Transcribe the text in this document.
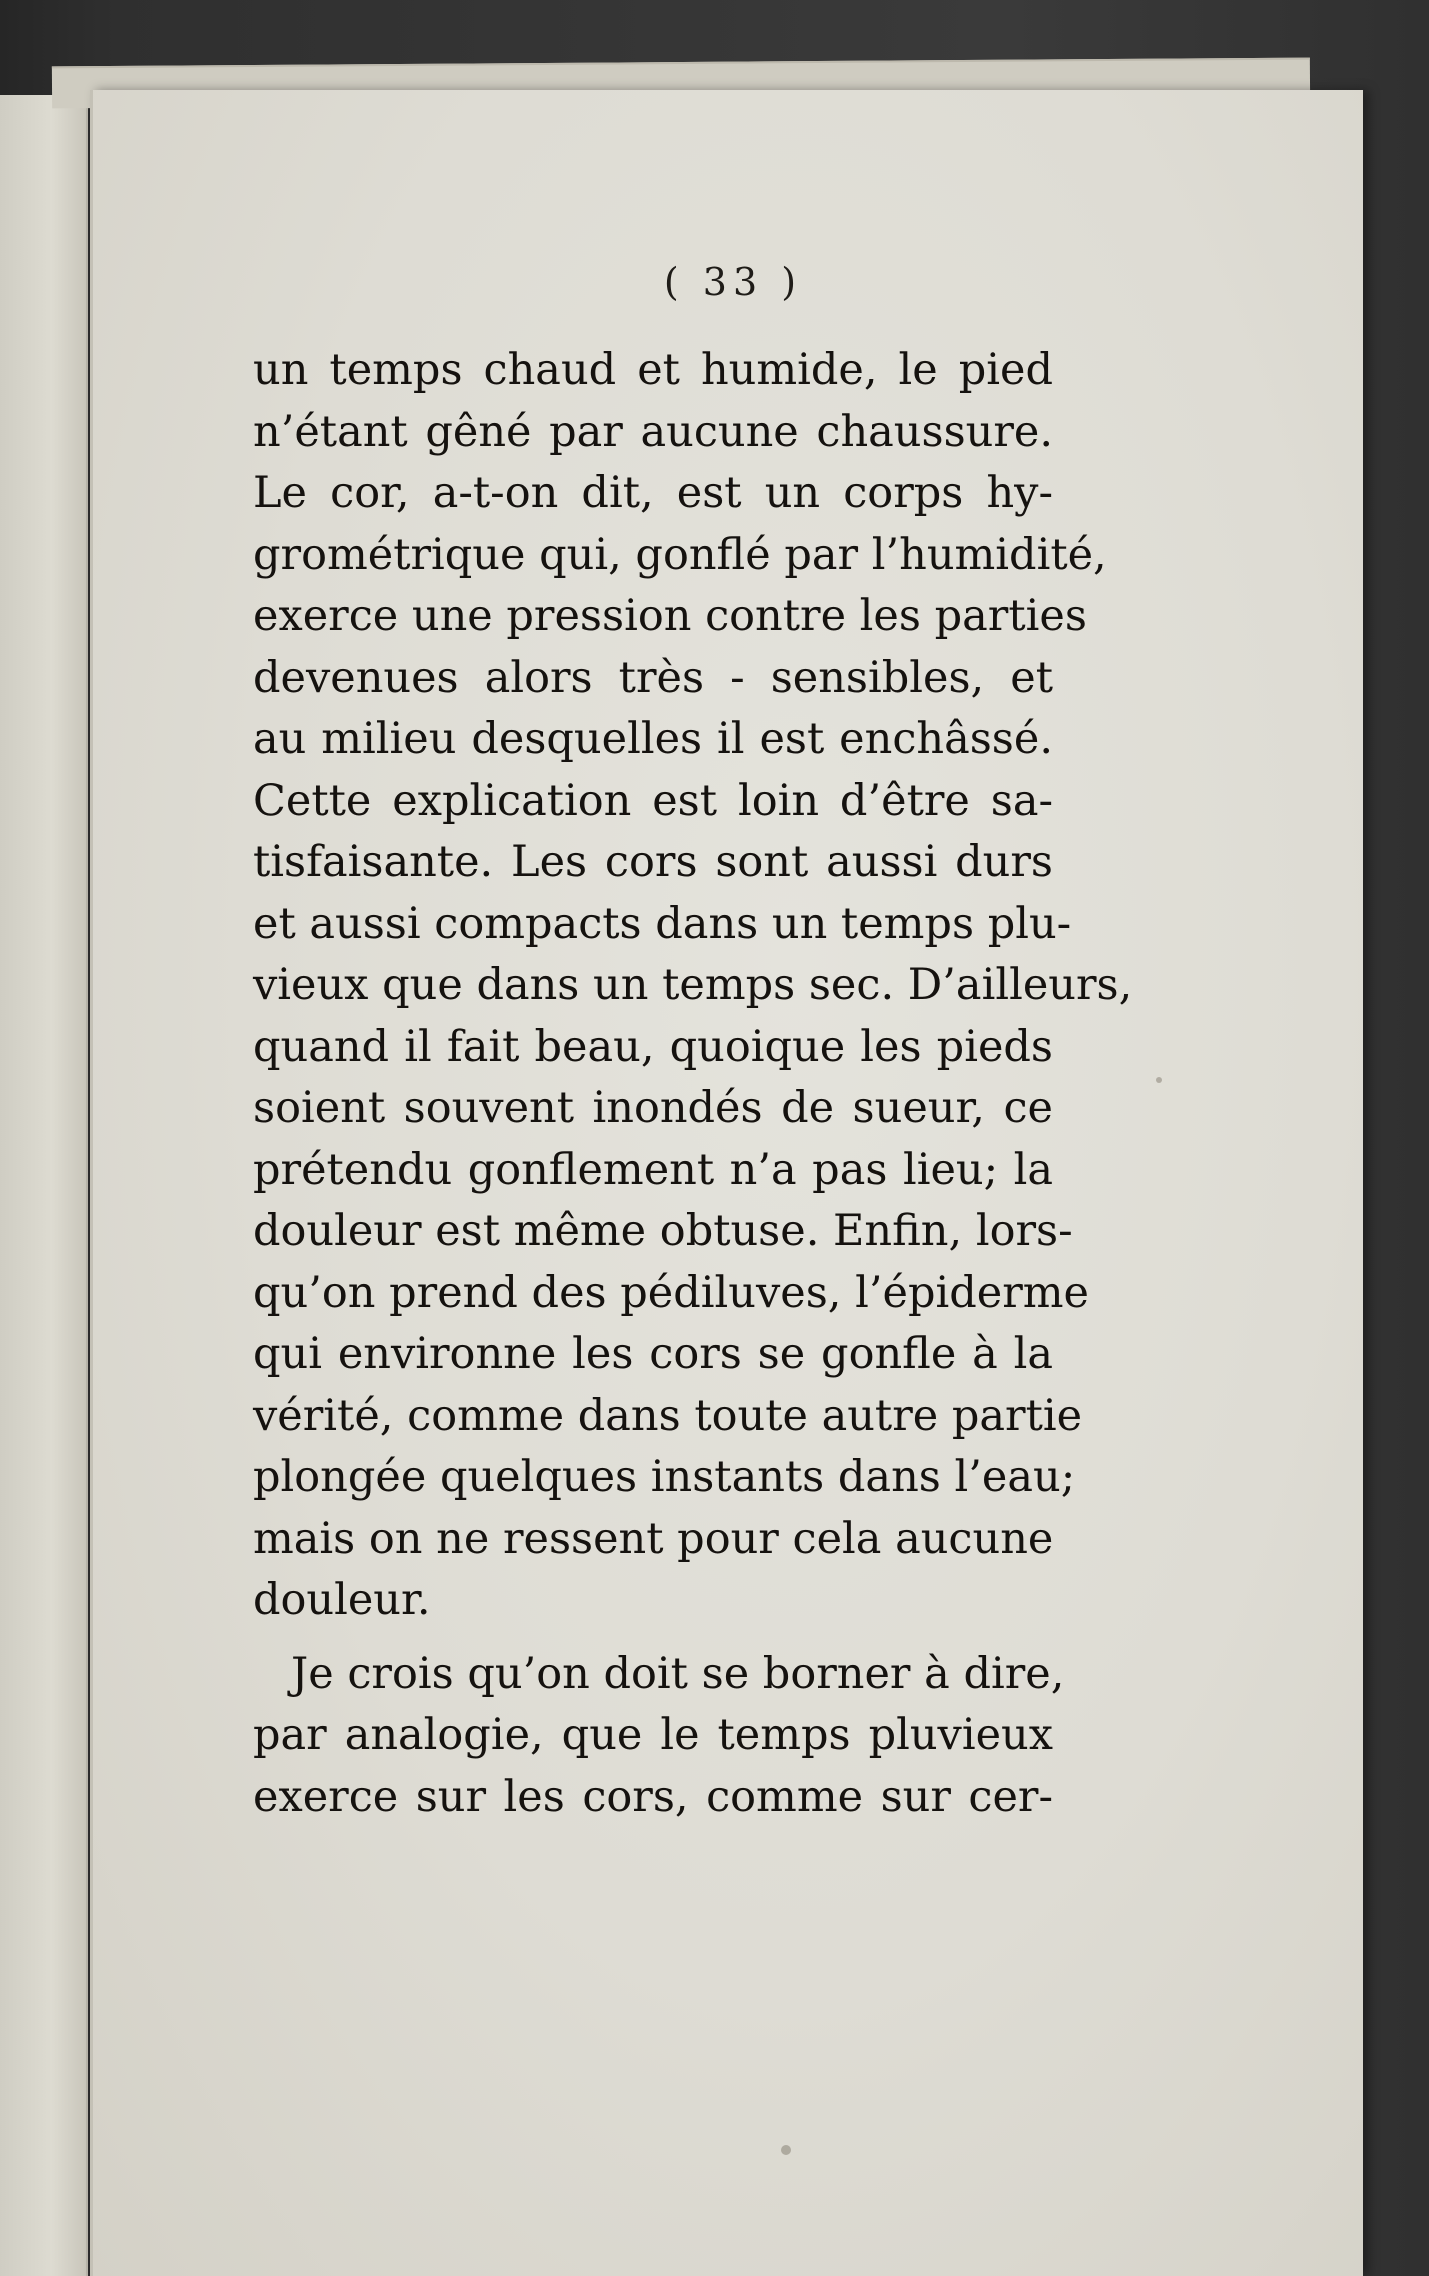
( 33 )
un temps chaud et humide, le pied
n’étant gêné par aucune chaussure.
Le cor, a-t-on dit, est un corps hy-
grométrique qui, gonflé par l’humidité,
exerce une pression contre les parties
devenues alors très - sensibles, et
au milieu desquelles il est enchâssé.
Cette explication est loin d’être sa-
tisfaisante. Les cors sont aussi durs
et aussi compacts dans un temps plu-
vieux que dans un temps sec. D’ailleurs,
quand il fait beau, quoique les pieds
soient souvent inondés de sueur, ce
prétendu gonflement n’a pas lieu; la
douleur est même obtuse. Enfin, lors-
qu’on prend des pédiluves, l’épiderme
qui environne les cors se gonfle à la
vérité, comme dans toute autre partie
plongée quelques instants dans l’eau;
mais on ne ressent pour cela aucune
douleur.
Je crois qu’on doit se borner à dire,
par analogie, que le temps pluvieux
exerce sur les cors, comme sur cer-
